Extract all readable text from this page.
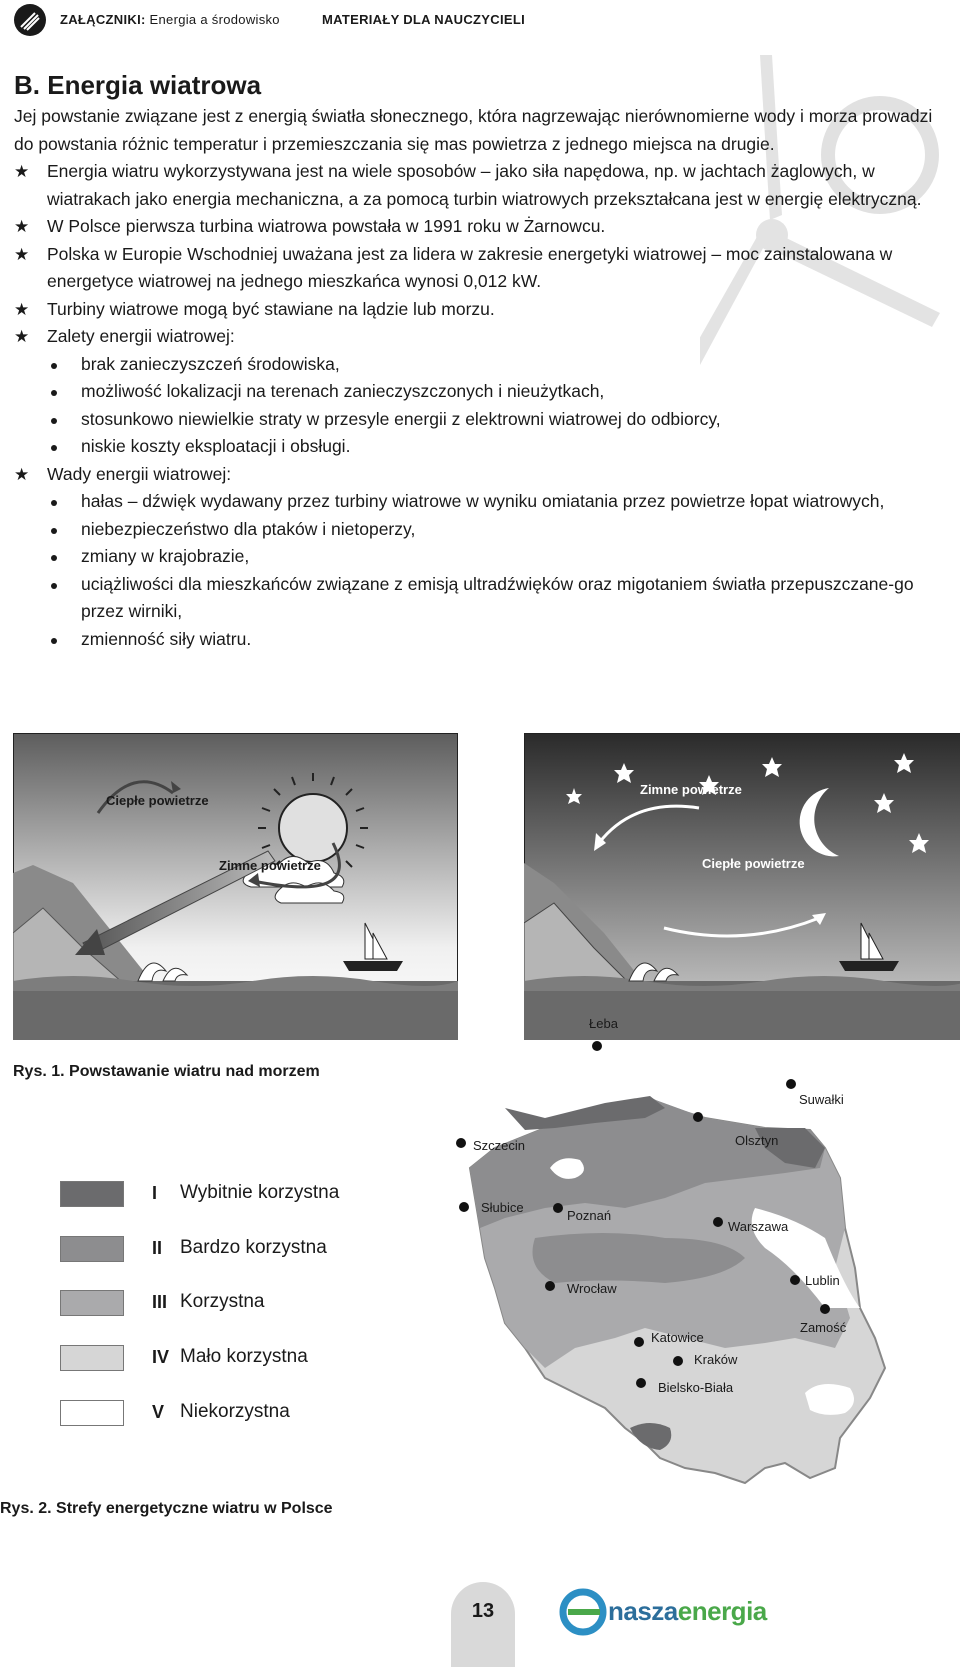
ZAŁĄCZNIKI: Energia a środowisko	MATERIAŁY DLA NAUCZYCIELI
B. Energia wiatrowa
Jej powstanie związane jest z energią światła słonecznego, która nagrzewając nierównomierne wody i morza prowadzi do powstania różnic temperatur i przemieszczania się mas powietrza z jednego miejsca na drugie.
★ Energia wiatru wykorzystywana jest na wiele sposobów – jako siła napędowa, np. w jachtach żaglowych, w wiatrakach jako energia mechaniczna, a za pomocą turbin wiatrowych przekształcana jest w energię elektryczną.
★ W Polsce pierwsza turbina wiatrowa powstała w 1991 roku w Żarnowcu.
★ Polska w Europie Wschodniej uważana jest za lidera w zakresie energetyki wiatrowej – moc zainstalowana w energetyce wiatrowej na jednego mieszkańca wynosi 0,012 kW.
★ Turbiny wiatrowe mogą być stawiane na lądzie lub morzu.
★ Zalety energii wiatrowej:
brak zanieczyszczeń środowiska,
możliwość lokalizacji na terenach zanieczyszczonych i nieużytkach,
stosunkowo niewielkie straty w przesyle energii z elektrowni wiatrowej do odbiorcy,
niskie koszty eksploatacji i obsługi.
★ Wady energii wiatrowej:
hałas – dźwięk wydawany przez turbiny wiatrowe w wyniku omiatania przez powietrze łopat wiatrowych,
niebezpieczeństwo dla ptaków i nietoperzy,
zmiany w krajobrazie,
uciążliwości dla mieszkańców związane z emisją ultradźwięków oraz migotaniem światła przepuszczane-go przez wirniki,
zmienność siły wiatru.
Ciepłe powietrze
Zimne powietrze
Zimne powietrze
Ciepłe powietrze
Rys. 1. Powstawanie wiatru nad morzem
I Wybitnie korzystna
II Bardzo korzystna
III Korzystna
IV Mało korzystna
V Niekorzystna
Łeba
Suwałki
Szczecin	Olsztyn
Słubice
Poznań
Warszawa
Wrocław
Lublin
Zamość
Katowice
Kraków
Bielsko-Biała
Rys. 2. Strefy energetyczne wiatru w Polsce
13	naszaenergia
